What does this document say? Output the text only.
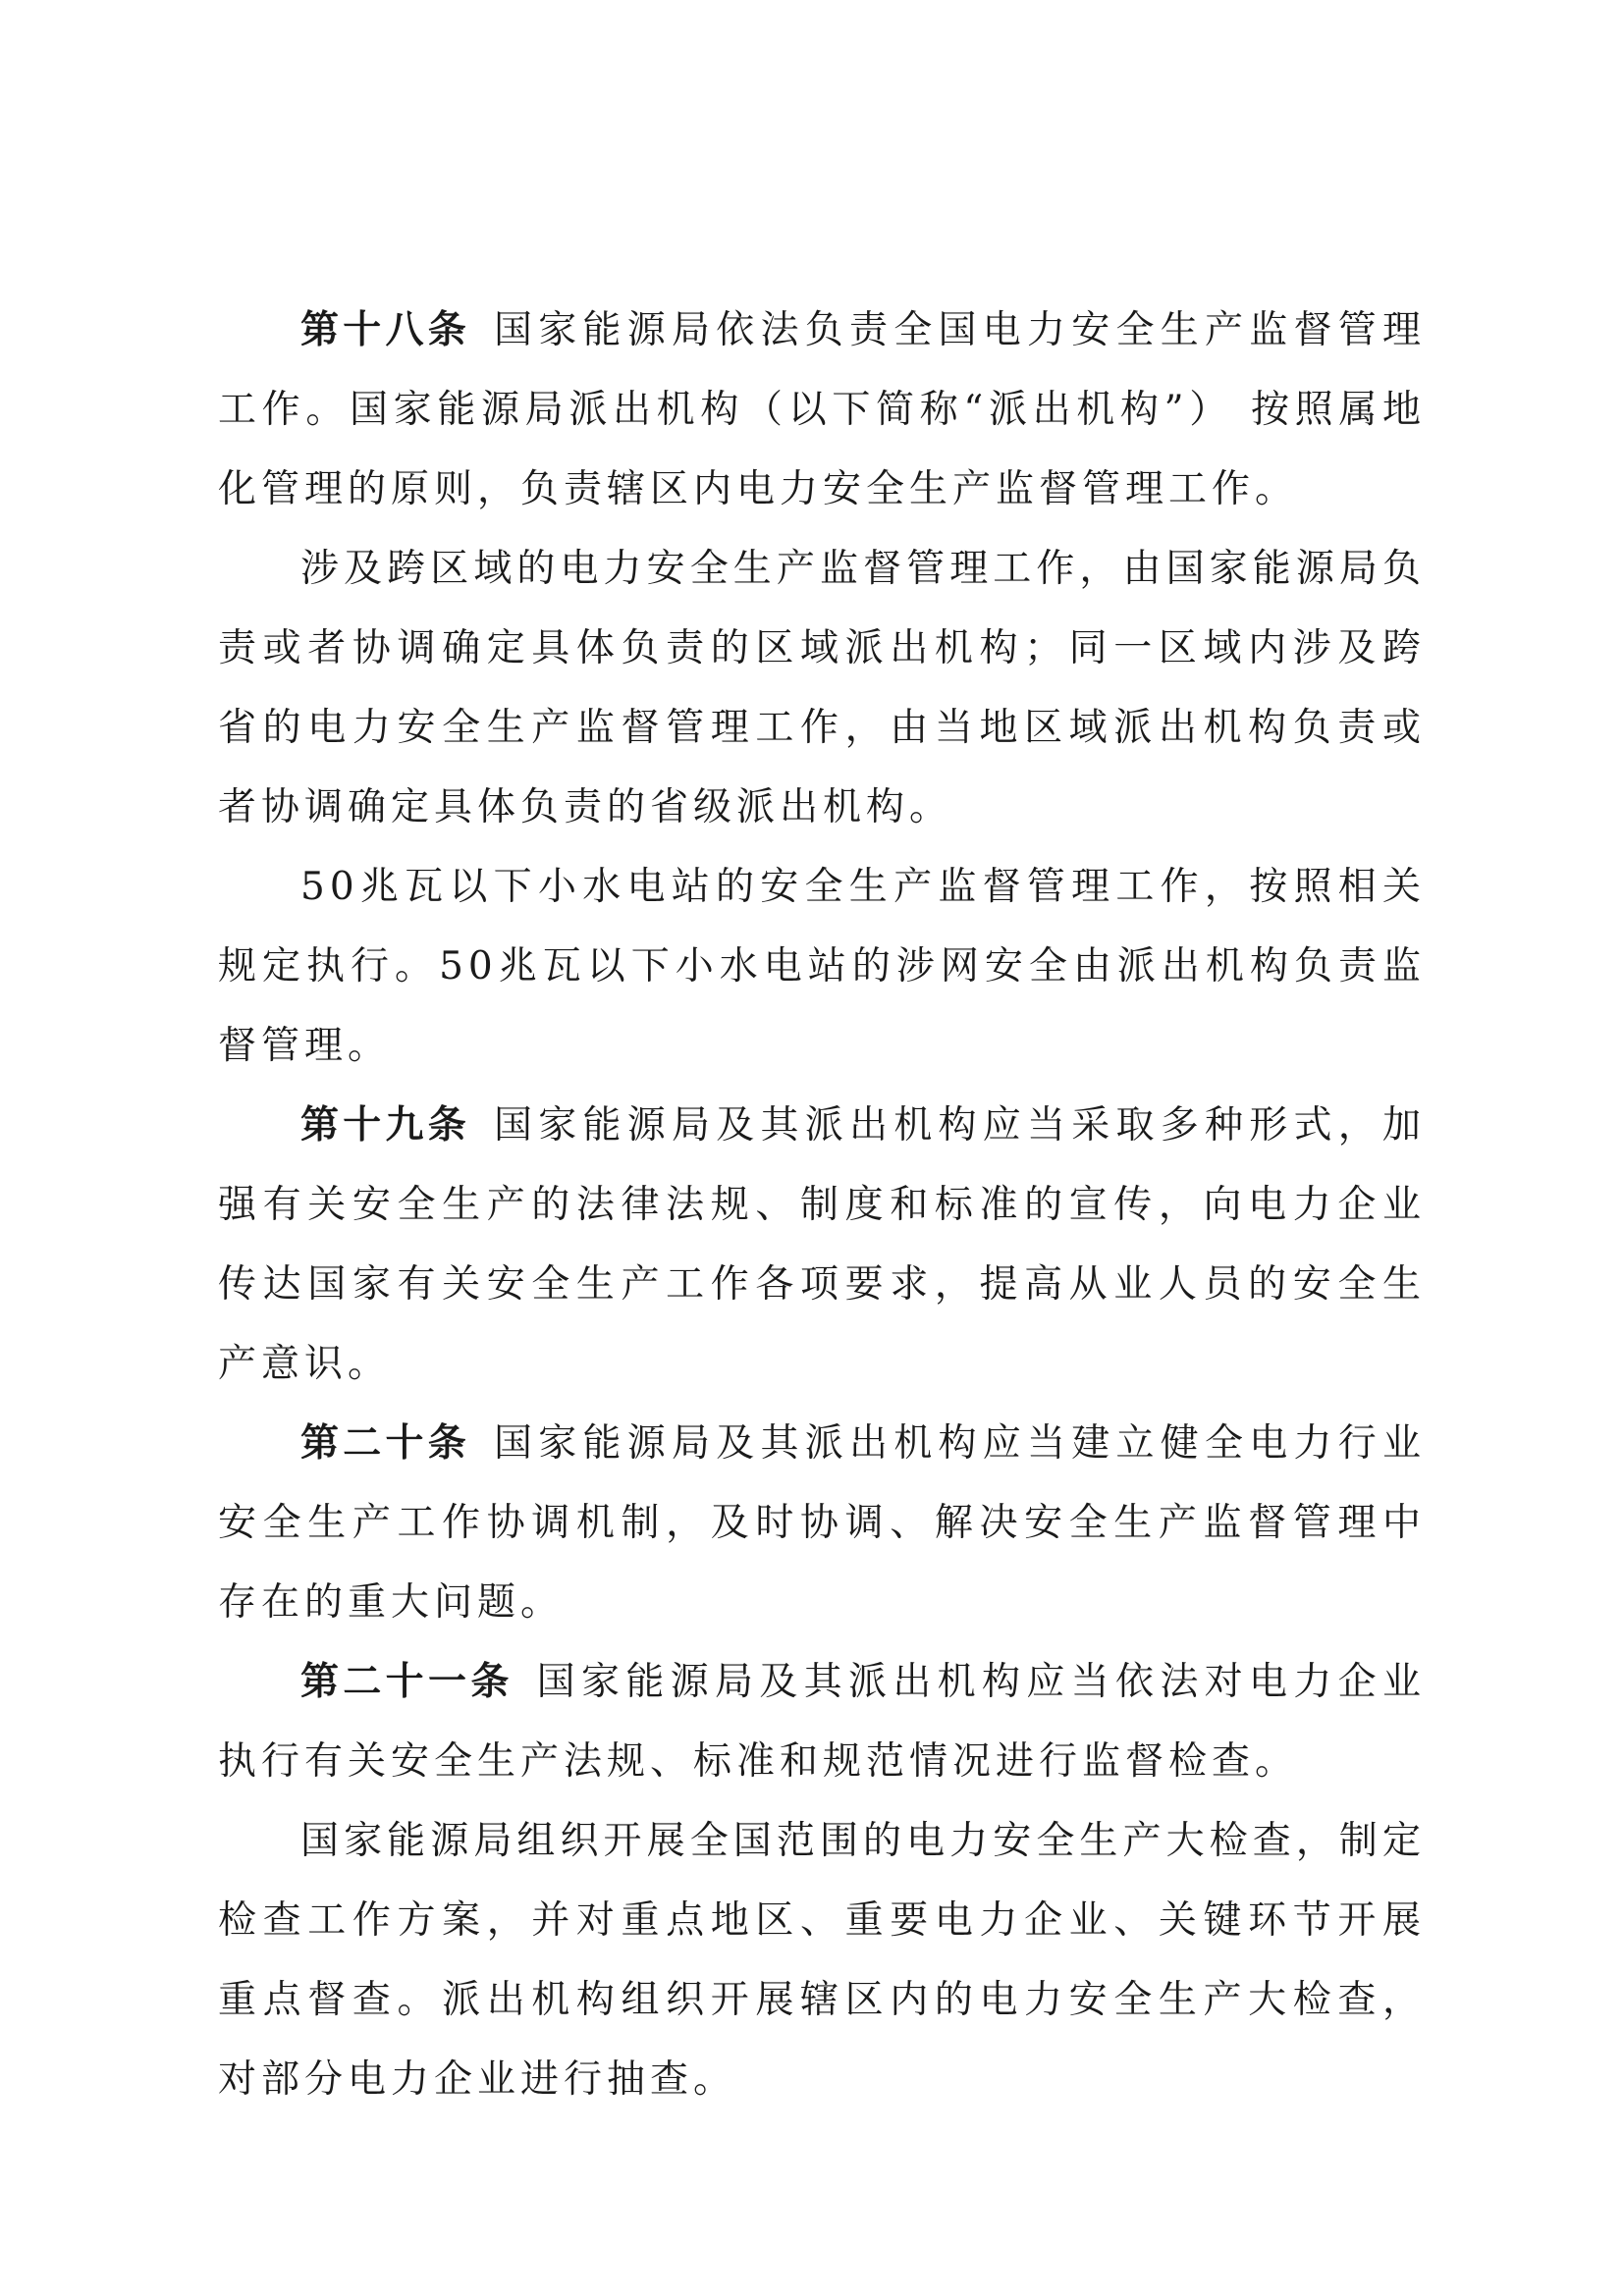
第十八条 国家能源局依法负责全国电力安全生产监督管理工作。国家能源局派出机构（以下简称“派出机构”） 按照属地化管理的原则，负责辖区内电力安全生产监督管理工作。

涉及跨区域的电力安全生产监督管理工作，由国家能源局负责或者协调确定具体负责的区域派出机构；同一区域内涉及跨省的电力安全生产监督管理工作，由当地区域派出机构负责或者协调确定具体负责的省级派出机构。

50兆瓦以下小水电站的安全生产监督管理工作，按照相关规定执行。50兆瓦以下小水电站的涉网安全由派出机构负责监督管理。

第十九条 国家能源局及其派出机构应当采取多种形式，加强有关安全生产的法律法规、制度和标准的宣传，向电力企业传达国家有关安全生产工作各项要求，提高从业人员的安全生产意识。

第二十条 国家能源局及其派出机构应当建立健全电力行业安全生产工作协调机制，及时协调、解决安全生产监督管理中存在的重大问题。

第二十一条 国家能源局及其派出机构应当依法对电力企业执行有关安全生产法规、标准和规范情况进行监督检查。

国家能源局组织开展全国范围的电力安全生产大检查，制定检查工作方案，并对重点地区、重要电力企业、关键环节开展重点督查。派出机构组织开展辖区内的电力安全生产大检查，对部分电力企业进行抽查。
